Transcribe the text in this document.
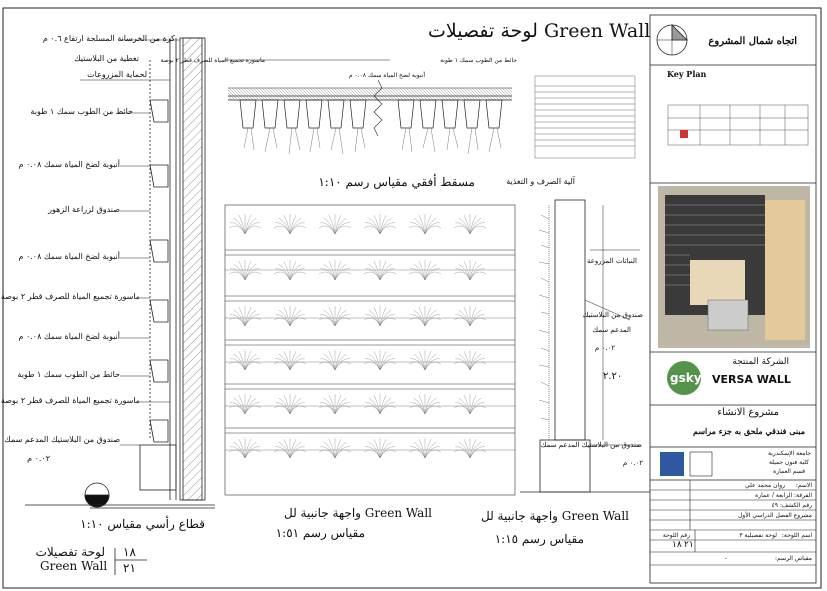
لوحة تفصيلات Green Wall
كرة من الخرسانة المسلحة ارتفاع ٠.٦ م
تغطية من البلاستيك
لحماية المزروعات
حائط من الطوب سمك ١ طوبة
أنبوبة لضخ المياة سمك ٠.٠٨ م
صندوق لزراعة الزهور
أنبوبة لضخ المياة سمك ٠.٠٨ م
ماسورة تجميع المياة للصرف قطر ٢ بوصة
أنبوبة لضخ المياة سمك ٠.٠٨ م
حائط من الطوب سمك ١ طوبة
ماسورة تجميع المياة للصرف قطر ٢ بوصة
صندوق من البلاستيك المدعم سمك
٠.٠٢ م
قطاع رأسي مقياس ١:١٠
لوحة تفصيلات
Green Wall
١٨
٢١
ماسورة تجميع المياة للصرف قطر ٢ بوصة	حائط من الطوب سمك ١ طوبة
أنبوبة لضخ المياة سمك ٠.٠٨ م
مسقط أفقي مقياس رسم ١:١٠
واجهة جانبية لل Green Wall
مقياس رسم ١:٥١
آلية الصرف و التغذية
النباتات المزروعة
صندوق من البلاستيك
المدعم سمك
٠.٠٢ م
٢.٢٠
صندوق من البلاستيك المدعم سمك
٠.٠٢ م
واجهة جانبية لل Green Wall
مقياس رسم ١:١٥
اتجاه شمال المشروع
Key Plan
الشركة المنتجة
gsky VERSA WALL
مشروع الانشاء
مبنى فندقي ملحق به جزء مراسم
جامعة الإسكندرية
كلية فنون جميلة
قسم العمارة
الاسم:
روان محمد علي
الفرقة: الرابعة / عمارة
رقم الكشف: ٤٩
مشروع الفصل الدراسي الأول
اسم اللوحة:
لوحة تفصيلية ٣
رقم اللوحة
١٨ ٢١
مقياس الرسم:
-
